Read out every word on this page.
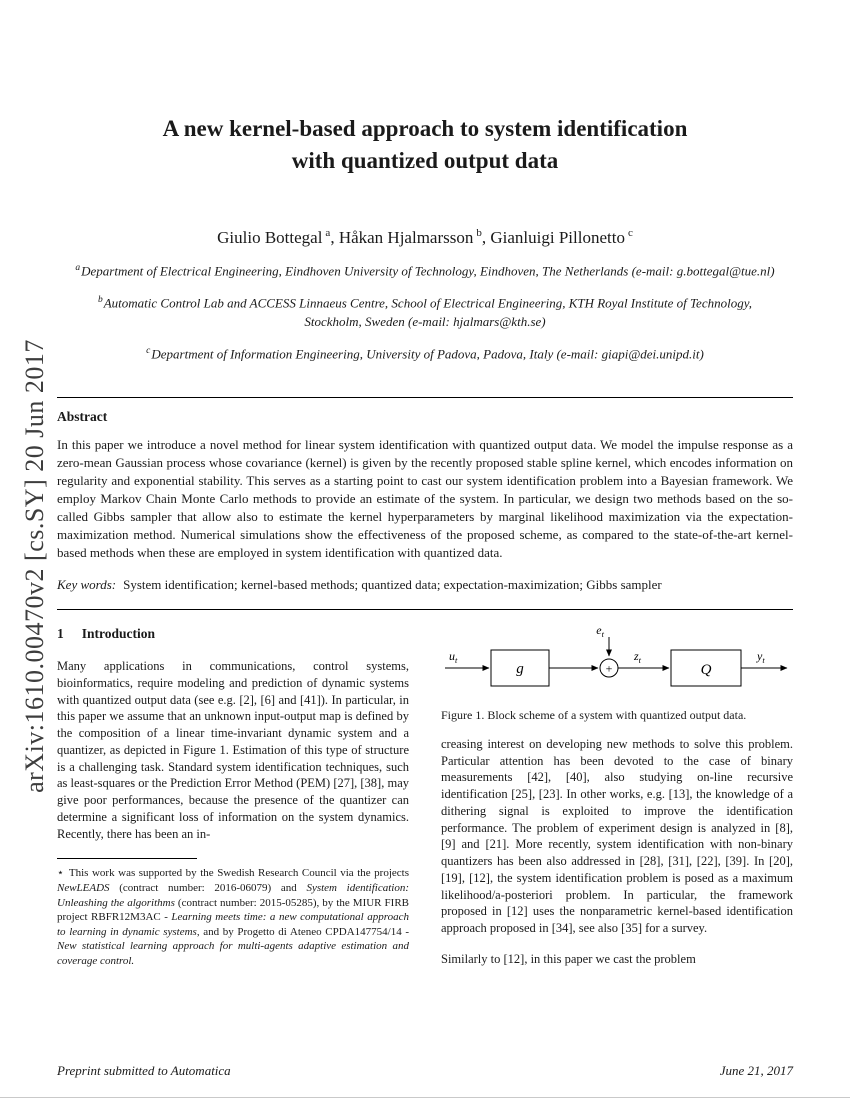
arXiv:1610.00470v2 [cs.SY] 20 Jun 2017
A new kernel-based approach to system identification
with quantized output data
Giulio Bottegal $^a$, Håkan Hjalmarsson $^b$, Gianluigi Pillonetto $^c$
$^a$Department of Electrical Engineering, Eindhoven University of Technology, Eindhoven, The Netherlands (e-mail: g.bottegal@tue.nl)
$^b$Automatic Control Lab and ACCESS Linnaeus Centre, School of Electrical Engineering, KTH Royal Institute of Technology, Stockholm, Sweden (e-mail: hjalmars@kth.se)
$^c$Department of Information Engineering, University of Padova, Padova, Italy (e-mail: giapi@dei.unipd.it)
Abstract
In this paper we introduce a novel method for linear system identification with quantized output data. We model the impulse response as a zero-mean Gaussian process whose covariance (kernel) is given by the recently proposed stable spline kernel, which encodes information on regularity and exponential stability. This serves as a starting point to cast our system identification problem into a Bayesian framework. We employ Markov Chain Monte Carlo methods to provide an estimate of the system. In particular, we design two methods based on the so-called Gibbs sampler that allow also to estimate the kernel hyperparameters by marginal likelihood maximization via the expectation-maximization method. Numerical simulations show the effectiveness of the proposed scheme, as compared to the state-of-the-art kernel-based methods when these are employed in system identification with quantized data.
Key words: System identification; kernel-based methods; quantized data; expectation-maximization; Gibbs sampler
1 Introduction
Many applications in communications, control systems, bioinformatics, require modeling and prediction of dynamic systems with quantized output data (see e.g. [2], [6] and [41]). In particular, in this paper we assume that an unknown input-output map is defined by the composition of a linear time-invariant dynamic system and a quantizer, as depicted in Figure 1. Estimation of this type of structure is a challenging task. Standard system identification techniques, such as least-squares or the Prediction Error Method (PEM) [27], [38], may give poor performances, because the presence of the quantizer can determine a significant loss of information on the system dynamics. Recently, there has been an in-
⋆ This work was supported by the Swedish Research Council via the projects NewLEADS (contract number: 2016-06079) and System identification: Unleashing the algorithms (contract number: 2015-05285), by the MIUR FIRB project RBFR12M3AC - Learning meets time: a new computational approach to learning in dynamic systems, and by Progetto di Ateneo CPDA147754/14 - New statistical learning approach for multi-agents adaptive estimation and coverage control.
$u_t$
g
$e_t$
+
$z_t$
Q
$y_t$
Figure 1. Block scheme of a system with quantized output data.
creasing interest on developing new methods to solve this problem. Particular attention has been devoted to the case of binary measurements [42], [40], also studying on-line recursive identification [25], [23]. In other works, e.g. [13], the knowledge of a dithering signal is exploited to improve the identification performance. The problem of experiment design is analyzed in [8], [9] and [21]. More recently, system identification with non-binary quantizers has been also addressed in [28], [31], [22], [39]. In [20], [19], [12], the system identification problem is posed as a maximum likelihood/a-posteriori problem. In particular, the framework proposed in [12] uses the nonparametric kernel-based identification approach proposed in [34], see also [35] for a survey.
Similarly to [12], in this paper we cast the problem
Preprint submitted to Automatica	June 21, 2017
